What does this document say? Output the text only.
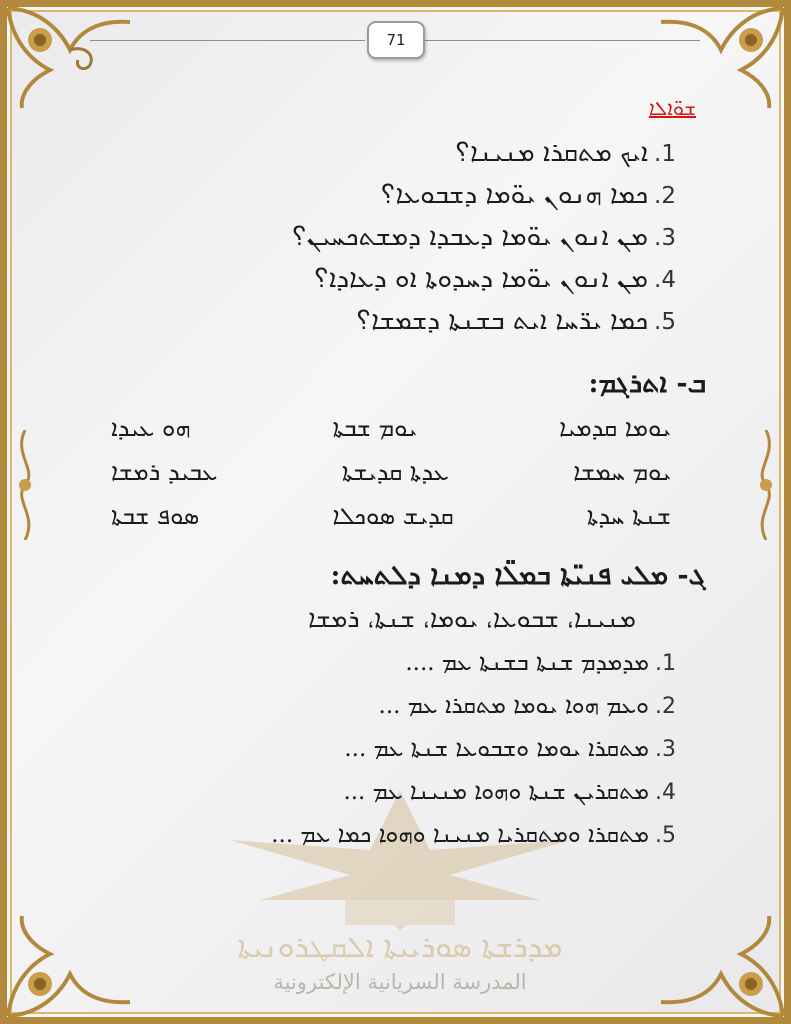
71
ܡܕܪܫܬܐ ܣܘܪܝܝܬܐ ܐܠܩܛܪܘܢܝܬܐ
المدرسة السريانية الإلكترونية
ܫܘ̈ܐܠܐ
.1
ܐܝܟ ܡܬܩܪܐ ܡܢܝܢܐ؟
.2
ܟܡܐ ܗܢܘܢ ܝܘ̈ܡܐ ܕܫܒܘܥܐ؟
.3
ܡܢ ܐܢܘܢ ܝܘ̈ܡܐ ܕܥܒܕܐ ܕܡܫܬܟܚܝܢ؟
.4
ܡܢ ܐܢܘܢ ܝܘ̈ܡܐ ܕܚܕܘܬܐ ܐܘ ܕܥܐܕܐ؟
.5
ܟܡܐ ܝܪ̈ܚܐ ܐܝܬ ܒܫܢܬܐ ܕܫܡܫܐ؟
ܒ- ܐܬܪܓܡ:
ܝܘܡܐ ܩܕܡܝܐ
ܝܘܡ ܫܒܬܐ
ܗܘ ܥܝܕܐ
ܝܘܡ ܚܡܫܐ
ܥܕܬܐ ܩܕܝܫܬܐ
ܥܒܝܕ ܪܡܫܐ
ܫܢܬܐ ܚܕܬܐ
ܩܕܝܫ ܣܘܟܠܐ
ܣܘܦ ܫܒܬܐ
ܓ- ܡܠܝ ܦܢܝ̈ܬܐ ܒܡܠ̈ܐ ܕܡܢܐ ܕܠܬܚܬ:
ܡܢܝܢܐ، ܫܒܘܥܐ، ܝܘܡܐ، ܫܢܬܐ، ܪܡܫܐ
.1
ܡܕܡܕܡ ܫܢܬܐ ܒܫܢܬܐ ܥܡ ....
.2
ܘܥܡ ܗܘܐ ܝܘܡܐ ܡܬܩܪܐ ܥܡ ...
.3
ܡܬܩܪܐ ܝܘܡܐ ܘܫܒܘܥܐ ܫܢܬܐ ܥܡ ...
.4
ܡܬܩܪܝܢ ܫܢܬܐ ܘܗܘܐ ܡܢܝܢܐ ܥܡ ...
.5
ܡܬܩܪܐ ܘܡܬܩܪܝܐ ܡܢܝܢܐ ܘܗܘܐ ܟܡܐ ܥܡ ...
